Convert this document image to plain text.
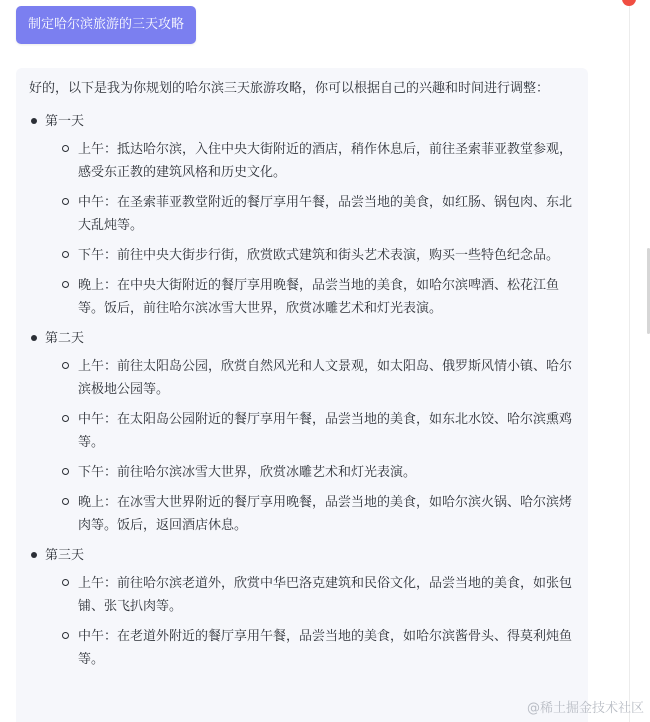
制定哈尔滨旅游的三天攻略

好的，以下是我为你规划的哈尔滨三天旅游攻略，你可以根据自己的兴趣和时间进行调整：

第一天
上午：抵达哈尔滨，入住中央大街附近的酒店，稍作休息后，前往圣索菲亚教堂参观，感受东正教的建筑风格和历史文化。
中午：在圣索菲亚教堂附近的餐厅享用午餐，品尝当地的美食，如红肠、锅包肉、东北大乱炖等。
下午：前往中央大街步行街，欣赏欧式建筑和街头艺术表演，购买一些特色纪念品。
晚上：在中央大街附近的餐厅享用晚餐，品尝当地的美食，如哈尔滨啤酒、松花江鱼等。饭后，前往哈尔滨冰雪大世界，欣赏冰雕艺术和灯光表演。
第二天
上午：前往太阳岛公园，欣赏自然风光和人文景观，如太阳岛、俄罗斯风情小镇、哈尔滨极地公园等。
中午：在太阳岛公园附近的餐厅享用午餐，品尝当地的美食，如东北水饺、哈尔滨熏鸡等。
下午：前往哈尔滨冰雪大世界，欣赏冰雕艺术和灯光表演。
晚上：在冰雪大世界附近的餐厅享用晚餐，品尝当地的美食，如哈尔滨火锅、哈尔滨烤肉等。饭后，返回酒店休息。
第三天
上午：前往哈尔滨老道外，欣赏中华巴洛克建筑和民俗文化，品尝当地的美食，如张包铺、张飞扒肉等。
中午：在老道外附近的餐厅享用午餐，品尝当地的美食，如哈尔滨酱骨头、得莫利炖鱼等。
@稀土掘金技术社区
